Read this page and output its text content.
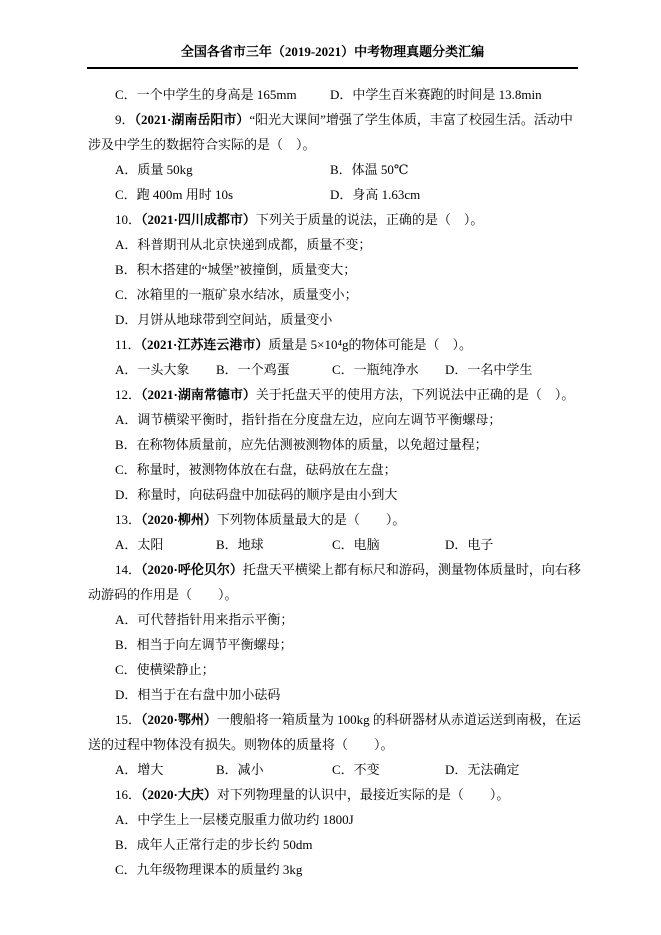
全国各省市三年（2019-2021）中考物理真题分类汇编
C．一个中学生的身高是 165mm	D．中学生百米赛跑的时间是 13.8min

9．（2021·湖南岳阳市）“阳光大课间”增强了学生体质，丰富了校园生活。活动中涉及中学生的数据符合实际的是（　）。

A．质量 50kg	B．体温 50℃
C．跑 400m 用时 10s	D．身高 1.63cm

10．（2021·四川成都市）下列关于质量的说法，正确的是（　）。

A．科普期刊从北京快递到成都，质量不变；

B．积木搭建的“城堡”被撞倒，质量变大；

C．冰箱里的一瓶矿泉水结冰，质量变小；

D．月饼从地球带到空间站，质量变小

11．（2021·江苏连云港市）质量是 5×10⁴g的物体可能是（　）。

A．一头大象	B．一个鸡蛋	C．一瓶纯净水	D．一名中学生

12．（2021·湖南常德市）关于托盘天平的使用方法，下列说法中正确的是（　）。

A．调节横梁平衡时，指针指在分度盘左边，应向左调节平衡螺母；

B．在称物体质量前，应先估测被测物体的质量，以免超过量程；

C．称量时，被测物体放在右盘，砝码放在左盘；

D．称量时，向砝码盘中加砝码的顺序是由小到大

13．（2020·柳州）下列物体质量最大的是（　　）。

A．太阳	B．地球	C．电脑	D．电子

14．（2020·呼伦贝尔）托盘天平横梁上都有标尺和游码，测量物体质量时，向右移动游码的作用是（　　）。

A．可代替指针用来指示平衡；

B．相当于向左调节平衡螺母；

C．使横梁静止；

D．相当于在右盘中加小砝码

15．（2020·鄂州）一艘船将一箱质量为 100kg 的科研器材从赤道运送到南极，在运送的过程中物体没有损失。则物体的质量将（　　）。

A．增大	B．减小	C．不变	D．无法确定

16．（2020·大庆）对下列物理量的认识中，最接近实际的是（　　）。

A．中学生上一层楼克服重力做功约 1800J

B．成年人正常行走的步长约 50dm

C．九年级物理课本的质量约 3kg
